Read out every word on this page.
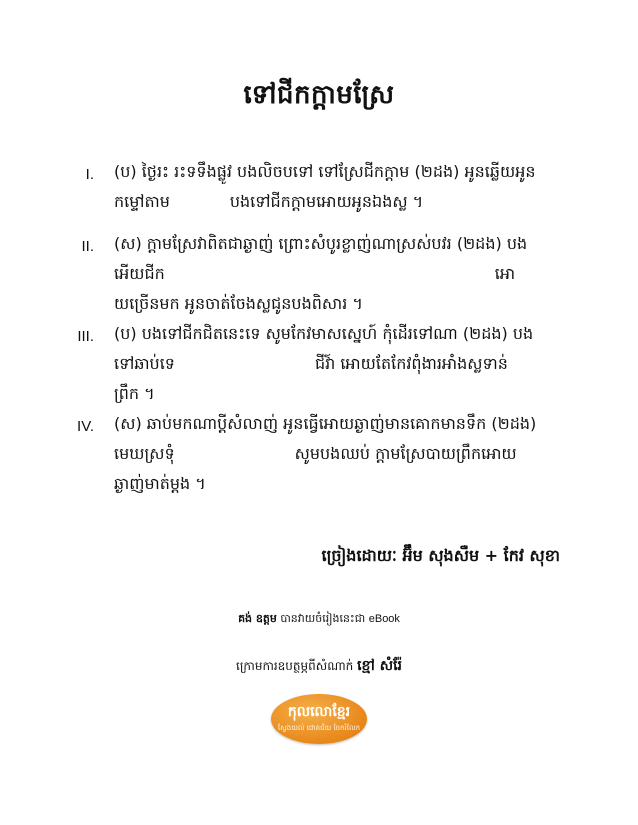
ទៅជីកក្តាមស្រែ
I. (ប) ថ្ងៃរះ រះទទឹងផ្លូវ បងលិចបទៅ ទៅស្រែជីកក្តាម (២ដង) អូនឆ្លើយអូន
កម្ទៅតាម	បងទៅជីកក្តាមអោយអូនឯងស្ល ។
II. (ស) ក្តាមស្រែវាពិតជាឆ្ងាញ់ ព្រោះសំបូរខ្លាញ់ណាស្រស់បវរ (២ដង) បង
អើយជីក	អោ
យច្រើនមក អូនចាត់ចែងស្លជូនបងពិសារ ។
III. (ប) បងទៅជីកជិតនេះទេ សូមកែវមាសស្នេហ៍ កុំដើរទៅណា (២ដង) បង
ទៅឆាប់ទេ	ជីវ៍ា អោយតែកែវពុំងារអាំងស្លទាន់
ព្រឹក ។
IV. (ស) ឆាប់មកណាប្តីសំលាញ់ អូនធ្វើអោយឆ្ងាញ់មានគោកមានទឹក (២ដង)
មេឃស្រទុំ	សូមបងឈប់ ក្តាមស្រែបាយព្រឹកអោយ
ឆ្ងាញ់មាត់ម្តង ។
ច្រៀងដោយៈ អ៊ឹម សុងសឺម + កែវ សុខា
គង់ ឧត្តម បានវាយចំរៀងនេះជា eBook
ក្រោមការឧបត្ថម្ភពីសំណាក់ ខ្មៅ សំរ៉ែ
កុលលោខ្មែរ
ស្វែងយល់ ជោគជ័យ ចែករំលែក
